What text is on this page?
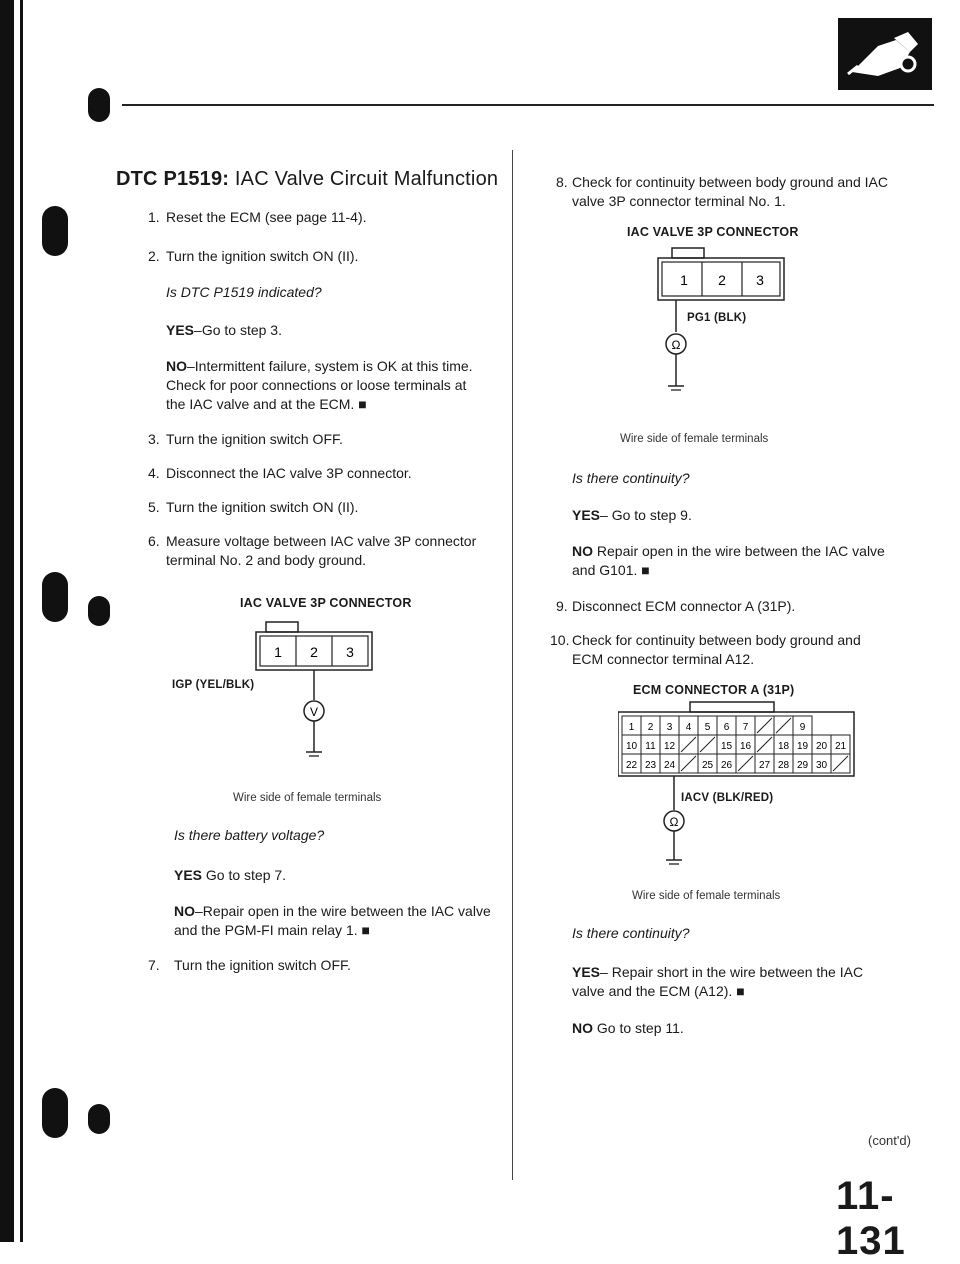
DTC P1519: IAC Valve Circuit Malfunction
1. Reset the ECM (see page 11-4).

2. Turn the ignition switch ON (II).

Is DTC P1519 indicated?

YES–Go to step 3.

NO–Intermittent failure, system is OK at this time.

Check for poor connections or loose terminals at

the IAC valve and at the ECM. ■

3. Turn the ignition switch OFF.

4. Disconnect the IAC valve 3P connector.

5. Turn the ignition switch ON (II).

6. Measure voltage between IAC valve 3P connector

terminal No. 2 and body ground.

IAC VALVE 3P CONNECTOR
1 2 3
V
IGP (YEL/BLK)
Wire side of female terminals

Is there battery voltage?

YES Go to step 7.

NO–Repair open in the wire between the IAC valve

and the PGM-FI main relay 1. ■

7. Turn the ignition switch OFF.

8. Check for continuity between body ground and IAC

valve 3P connector terminal No. 1.

IAC VALVE 3P CONNECTOR
1 2 3
Ω
PG1 (BLK)
Wire side of female terminals

Is there continuity?

YES– Go to step 9.

NO Repair open in the wire between the IAC valve

and G101. ■

9. Disconnect ECM connector A (31P).

10. Check for continuity between body ground and

ECM connector terminal A12.

ECM CONNECTOR A (31P)
1 2 3 4 5 6 7	9
10 11 12	15 16	18 19 20 21
22 23 24	25 26	27 28 29 30
Ω
IACV (BLK/RED)
Wire side of female terminals

Is there continuity?

YES– Repair short in the wire between the IAC

valve and the ECM (A12). ■

NO Go to step 11.

(cont'd)
11-131
